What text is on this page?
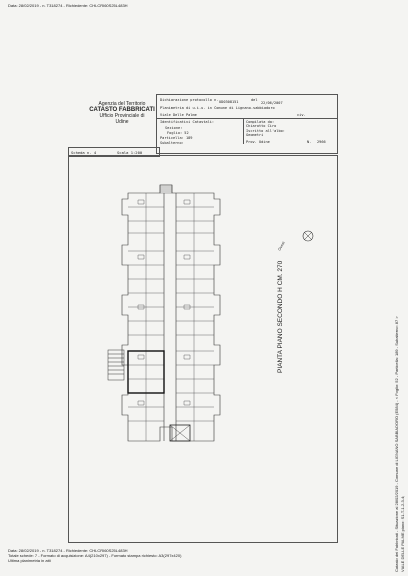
Data: 28/02/2019 - n. T318274 - Richiedente: CHLCRI60S25L483H
Agenzia del Territorio
CATASTO FABBRICATI
Ufficio Provinciale di
Udine
Dichiarazione protocollo n. UD0308151	del
22/06/2007
Planimetria di u.i.u. in Comune di Lignano-sabbiadoro
Viale Delle Palme	civ.
Identificativi Catastali:
Sezione:
Foglio: 52
Particella: 189
Subalterno:
Compilata da:
Chiarotto Ciro
Iscritto all'albo:
Geometri
Prov. Udine	N. 2966
Scheda n. 4	Scala 1:200
PIANTA PIANO SECONDO H CM. 270
Ovest
Catasto dei Fabbricati - Situazione al 28/02/2019 - Comune di LIGNANO SABBIADORO (E584) - < Foglio: 52 - Particella: 189 - Subalterno: 87 > VIALE DELLE PALME piano: S1-T-1-2-3-4;
Data: 28/02/2019 - n. T318274 - Richiedente: CHLCRI60S25L483H
Totale schede: 7 - Formato di acquisizione: A4(210x297) - Formato stampa richiesto: A3(297x420)
Ultima planimetria in atti
